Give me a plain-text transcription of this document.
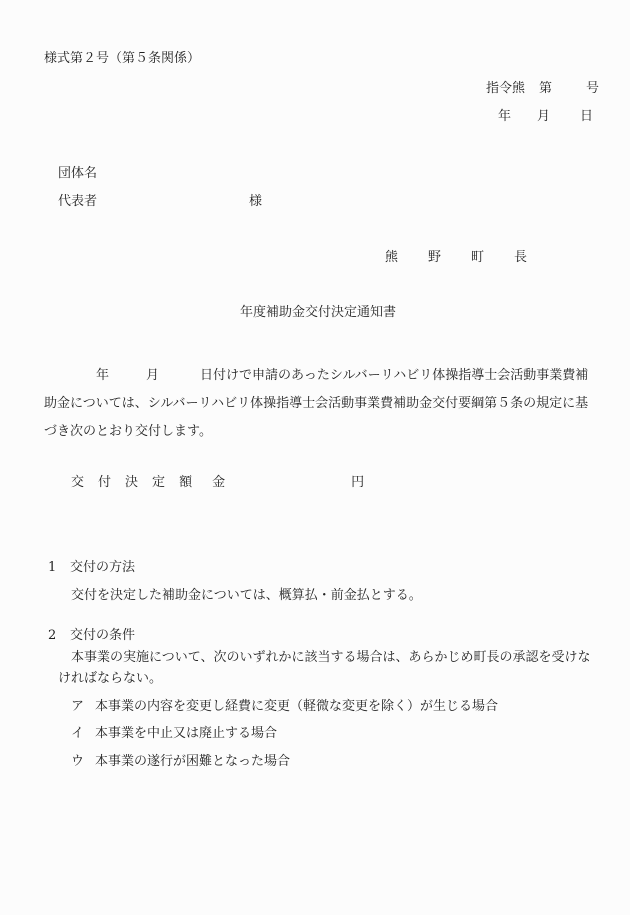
様式第２号（第５条関係）
指令熊 第	号
年 月 日
団体名
代表者	様
熊 野 町 長
年度補助金交付決定通知書
年	月	日付けで申請のあったシルバーリハビリ体操指導士会活動事業費補
助金については、シルバーリハビリ体操指導士会活動事業費補助金交付要綱第５条の規定に基
づき次のとおり交付します。
交 付 決 定 額 金	円
1 交付の方法
交付を決定した補助金については、概算払・前金払とする。
2 交付の条件
本事業の実施について、次のいずれかに該当する場合は、あらかじめ町長の承認を受けな
ければならない。
ア 本事業の内容を変更し経費に変更（軽微な変更を除く）が生じる場合
イ 本事業を中止又は廃止する場合
ウ 本事業の遂行が困難となった場合
